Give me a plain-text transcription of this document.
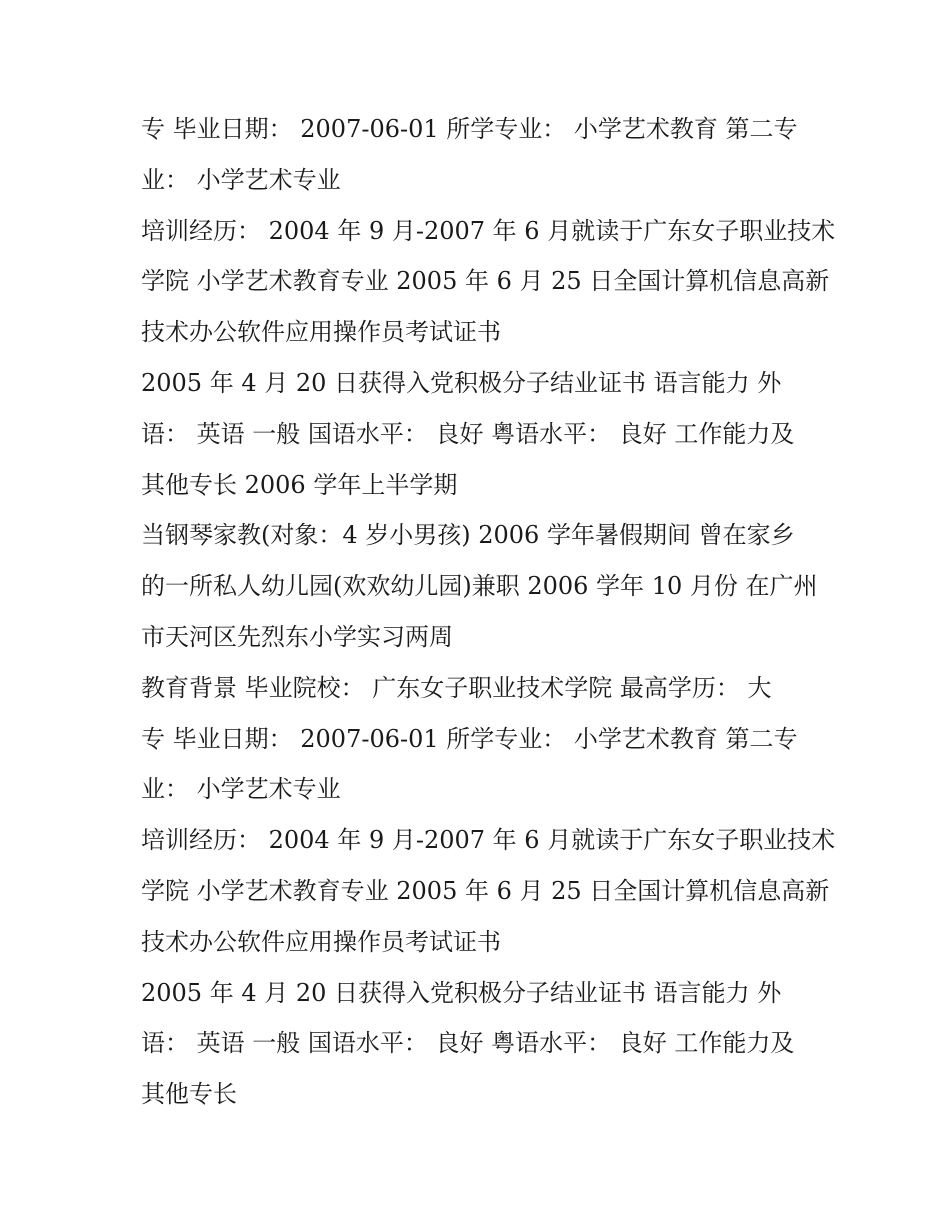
专 毕业日期： 2007-06-01 所学专业： 小学艺术教育 第二专
业： 小学艺术专业
培训经历： 2004 年 9 月-2007 年 6 月就读于广东女子职业技术
学院 小学艺术教育专业 2005 年 6 月 25 日全国计算机信息高新
技术办公软件应用操作员考试证书
2005 年 4 月 20 日获得入党积极分子结业证书 语言能力 外
语： 英语 一般 国语水平： 良好 粤语水平： 良好 工作能力及
其他专长 2006 学年上半学期
当钢琴家教(对象：4 岁小男孩) 2006 学年暑假期间 曾在家乡
的一所私人幼儿园(欢欢幼儿园)兼职 2006 学年 10 月份 在广州
市天河区先烈东小学实习两周
教育背景 毕业院校： 广东女子职业技术学院 最高学历： 大
专 毕业日期： 2007-06-01 所学专业： 小学艺术教育 第二专
业： 小学艺术专业
培训经历： 2004 年 9 月-2007 年 6 月就读于广东女子职业技术
学院 小学艺术教育专业 2005 年 6 月 25 日全国计算机信息高新
技术办公软件应用操作员考试证书
2005 年 4 月 20 日获得入党积极分子结业证书 语言能力 外
语： 英语 一般 国语水平： 良好 粤语水平： 良好 工作能力及
其他专长
